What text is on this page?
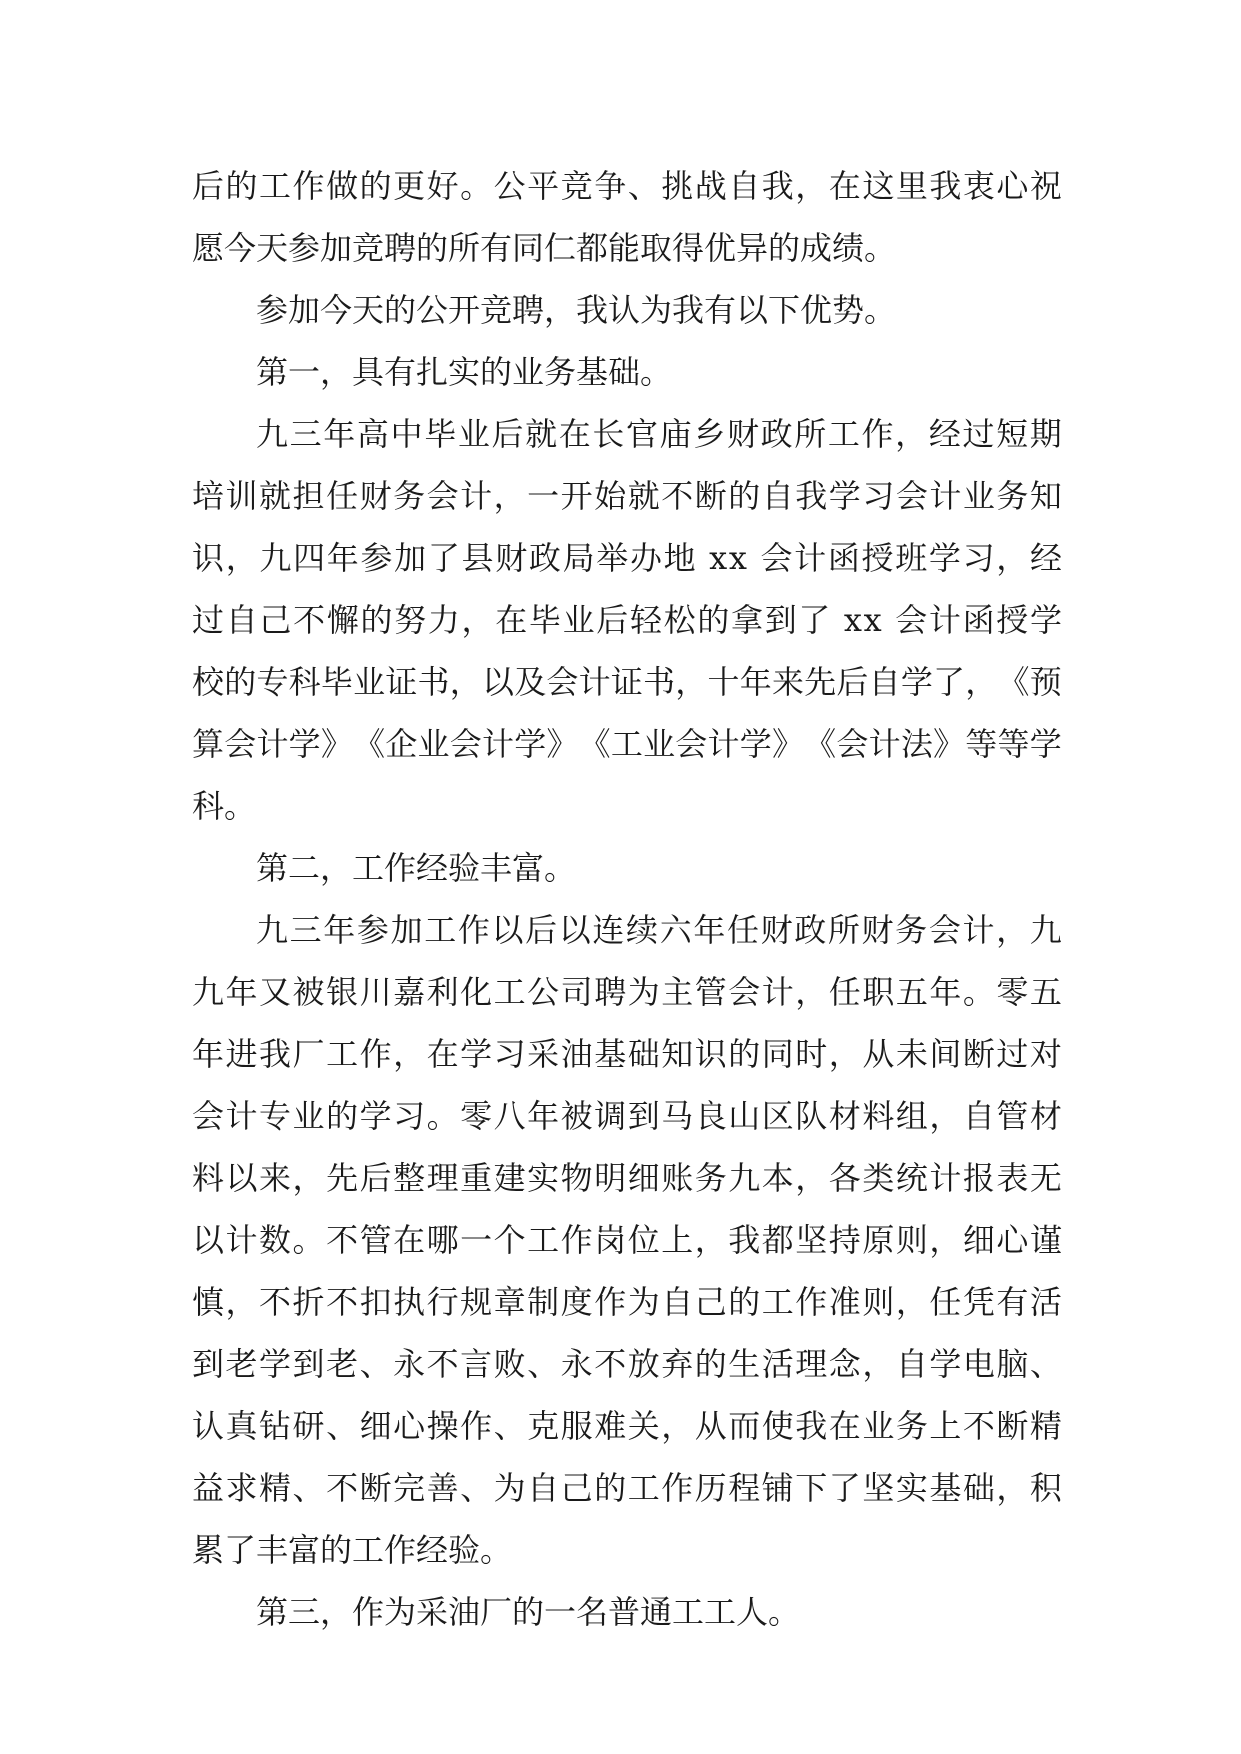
后 的 工 作 做 的 更 好 。 公 平 竞 争 、 挑 战 自 我 ， 在 这 里 我 衷 心 祝
愿今天参加竞聘的所有同仁都能取得优异的成绩。
参加今天的公开竞聘，我认为我有以下优势。
第一，具有扎实的业务基础。
九 三 年 高 中 毕 业 后 就 在 长 官 庙 乡 财 政 所 工 作 ， 经 过 短 期
培 训 就 担 任 财 务 会 计 ， 一 开 始 就 不 断 的 自 我 学 习 会 计 业 务 知
识 ， 九 四 年 参 加 了 县 财 政 局 举 办 地
x x
会 计 函 授 班 学 习 ， 经
过 自 己 不 懈 的 努 力 ， 在 毕 业 后 轻 松 的 拿 到 了
x x
会 计 函 授 学
校 的 专 科 毕 业 证 书 ， 以 及 会 计 证 书 ， 十 年 来 先 后 自 学 了 ， 《 预
算 会 计 学 》 《 企 业 会 计 学 》 《 工 业 会 计 学 》 《 会 计 法 》 等 等 学
科。
第二，工作经验丰富。
九 三 年 参 加 工 作 以 后 以 连 续 六 年 任 财 政 所 财 务 会 计 ， 九
九 年 又 被 银 川 嘉 利 化 工 公 司 聘 为 主 管 会 计 ， 任 职 五 年 。 零 五
年 进 我 厂 工 作 ， 在 学 习 采 油 基 础 知 识 的 同 时 ， 从 未 间 断 过 对
会 计 专 业 的 学 习 。 零 八 年 被 调 到 马 良 山 区 队 材 料 组 ， 自 管 材
料 以 来 ， 先 后 整 理 重 建 实 物 明 细 账 务 九 本 ， 各 类 统 计 报 表 无
以 计 数 。 不 管 在 哪 一 个 工 作 岗 位 上 ， 我 都 坚 持 原 则 ， 细 心 谨
慎 ， 不 折 不 扣 执 行 规 章 制 度 作 为 自 己 的 工 作 准 则 ， 任 凭 有 活
到 老 学 到 老 、 永 不 言 败 、 永 不 放 弃 的 生 活 理 念 ， 自 学 电 脑 、
认 真 钻 研 、 细 心 操 作 、 克 服 难 关 ， 从 而 使 我 在 业 务 上 不 断 精
益 求 精 、 不 断 完 善 、 为 自 己 的 工 作 历 程 铺 下 了 坚 实 基 础 ， 积
累了丰富的工作经验。
第三，作为采油厂的一名普通工工人。
